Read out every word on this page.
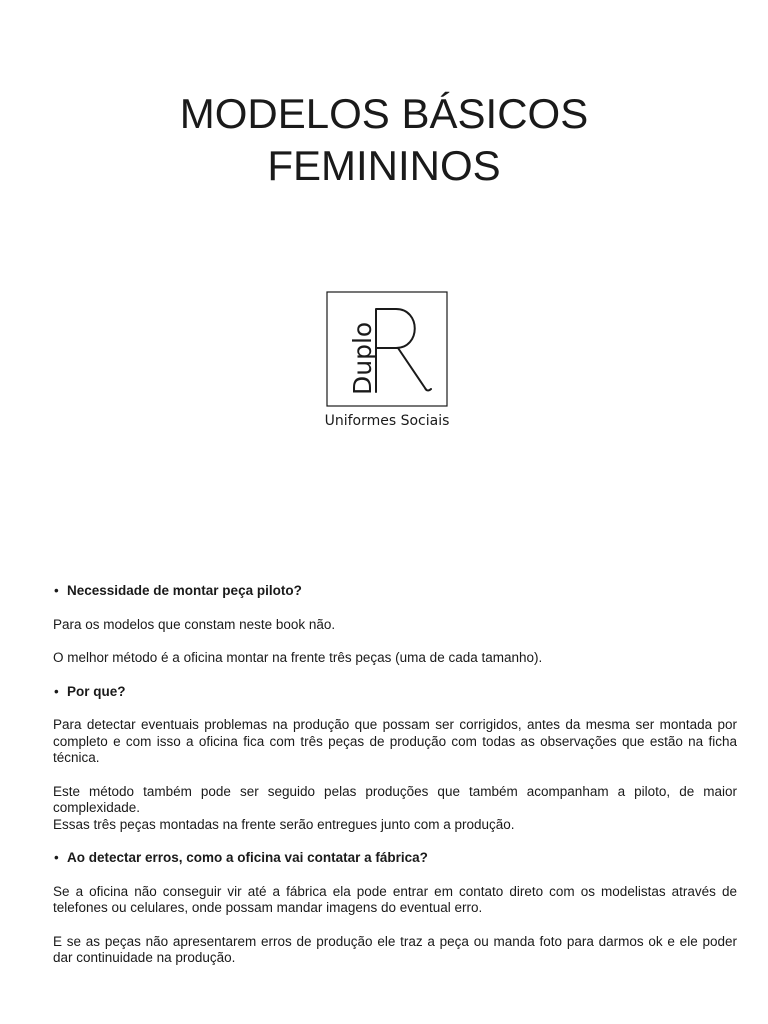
MODELOS BÁSICOS
FEMININOS
Duplo
Uniformes Sociais
• Necessidade de montar peça piloto?

Para os modelos que constam neste book não.

O melhor método é a oficina montar na frente três peças (uma de cada tamanho).

• Por que?

Para detectar eventuais problemas na produção que possam ser corrigidos, antes da mesma ser montada por completo e com isso a oficina fica com três peças de produção com todas as observações que estão na ficha técnica.

Este método também pode ser seguido pelas produções que também acompanham a piloto, de maior complexidade.

Essas três peças montadas na frente serão entregues junto com a produção.

• Ao detectar erros, como a oficina vai contatar a fábrica?

Se a oficina não conseguir vir até a fábrica ela pode entrar em contato direto com os modelistas através de telefones ou celulares, onde possam mandar imagens do eventual erro.

E se as peças não apresentarem erros de produção ele traz a peça ou manda foto para darmos ok e ele poder dar continuidade na produção.
